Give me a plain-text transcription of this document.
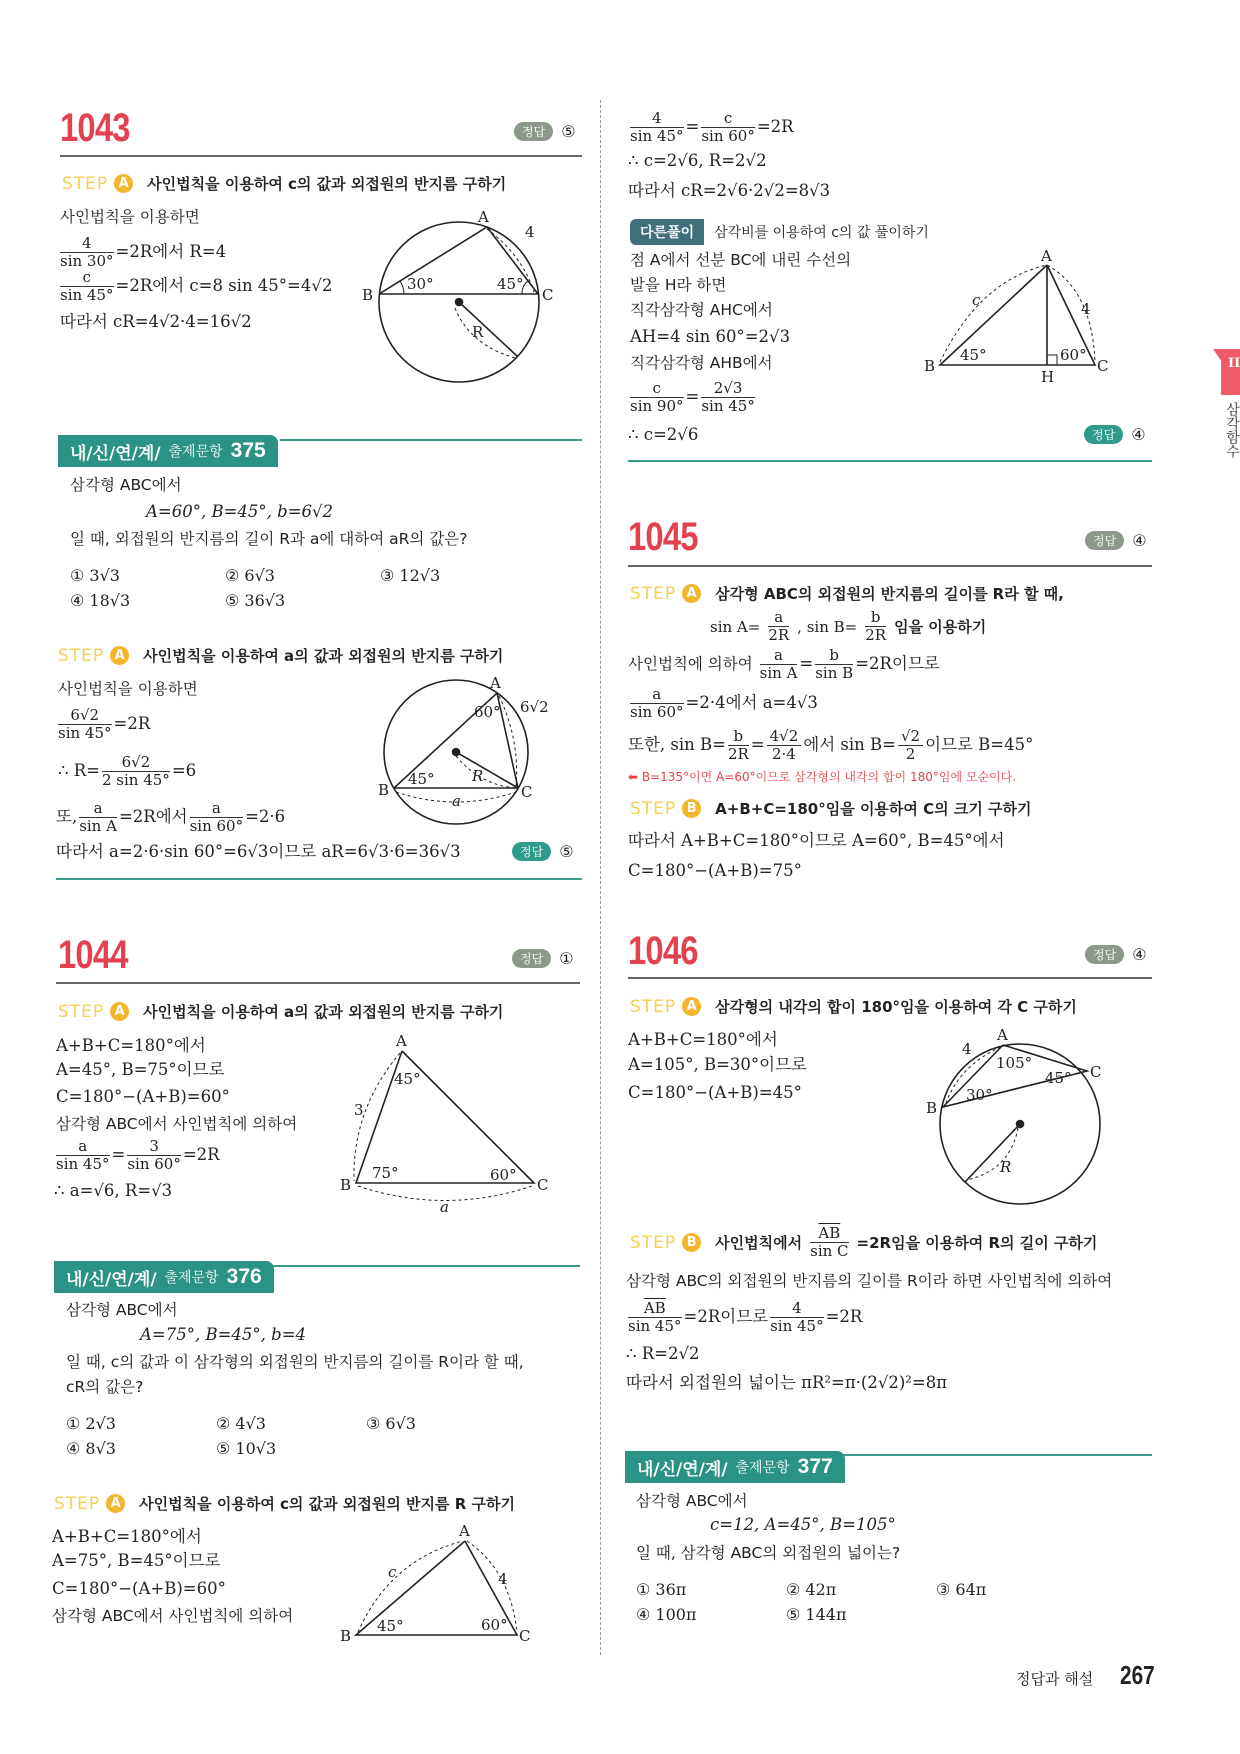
A
B	C
30°	45°
4
R
A
B	C
60°
45°
6√2
R
a
A
B	C
45°
75°	60°
3
a
A
B	C
45°	60°
c	4
A
B	C
H
45°	60°
c	4
A
B
C
105°
45°
30°
4
R
1043	정답	⑤
STEP A 사인법칙을 이용하여 c의 값과 외접원의 반지름 구하기
사인법칙을 이용하면
$\frac{4}{\sin 30^\circ} =2R$에서 R=4
$\frac{c}{\sin 45^\circ} =2R$에서 c=8 sin 45°=4√2
따라서 cR=4√2·4=16√2
내/신/연/계/ 출제문항 375
삼각형 ABC에서
A=60°, B=45°, b=6√2
일 때, 외접원의 반지름의 길이 R과 a에 대하여 aR의 값은?
① 3√3	② 6√3	③ 12√3
④ 18√3	⑤ 36√3
STEP A 사인법칙을 이용하여 a의 값과 외접원의 반지름 구하기
사인법칙을 이용하면
$\frac{6√2}{\sin 45^\circ} =2R$
∴ $R= \frac{6√2}{2 \sin 45^\circ} =6$
또, $\frac{a}{\text{sin A}} =2R$에서 $\frac{a}{\sin 60^\circ} =2\cdot 6$
따라서 a=2·6·sin 60°=6√3이므로 aR=6√3·6=36√3	정답	⑤
1044	정답	①
STEP A 사인법칙을 이용하여 a의 값과 외접원의 반지름 구하기
A+B+C=180°에서
A=45°, B=75°이므로
C=180°−(A+B)=60°
삼각형 ABC에서 사인법칙에 의하여
$\frac{a}{\sin 45^\circ} = \frac{3}{\sin 60^\circ} =2R$
∴ a=√6, R=√3
내/신/연/계/ 출제문항 376
삼각형 ABC에서
A=75°, B=45°, b=4
일 때, c의 값과 이 삼각형의 외접원의 반지름의 길이를 R이라 할 때,
cR의 값은?
① 2√3	② 4√3	③ 6√3
④ 8√3	⑤ 10√3
STEP A 사인법칙을 이용하여 c의 값과 외접원의 반지름 R 구하기
A+B+C=180°에서
A=75°, B=45°이므로
C=180°−(A+B)=60°
삼각형 ABC에서 사인법칙에 의하여
$\frac{4}{\sin 45^\circ} = \frac{c}{\sin 60^\circ} =2R$
∴ c=2√6, R=2√2
따라서 cR=2√6·2√2=8√3
다른풀이	삼각비를 이용하여 c의 값 풀이하기
점 A에서 선분 BC에 내린 수선의
발을 H라 하면
직각삼각형 AHC에서
AH=4 sin 60°=2√3
직각삼각형 AHB에서
$\frac{c}{\sin 90^\circ} = \frac{2√3}{\sin 45^\circ}$
∴ c=2√6	정답	④
1045	정답	④
STEP A 삼각형 ABC의 외접원의 반지름의 길이를 R라 할 때,
$\sin A= \frac{a}{2R}$ , $\sin B= \frac{b}{2R}$ 임을 이용하기
사인법칙에 의하여 $\frac{a}{\text{sin A}} = \frac{b}{\text{sin B}} =2R$이므로
$\frac{a}{\sin 60^\circ} =2\cdot 4$에서 a=4√3
또한, $\sin B= \frac{b}{2R} = \frac{4√2}{2\cdot 4}$ 에서 $\sin B= \frac{√2}{2}$ 이므로 B=45°
⬅ B=135°이면 A=60°이므로 삼각형의 내각의 합이 180°임에 모순이다.
STEP B	A+B+C=180°임을 이용하여 C의 크기 구하기
따라서 A+B+C=180°이므로 A=60°, B=45°에서
C=180°−(A+B)=75°
1046	정답	④
STEP A 삼각형의 내각의 합이 180°임을 이용하여 각 C 구하기
A+B+C=180°에서
A=105°, B=30°이므로
C=180°−(A+B)=45°
STEP B	사인법칙에서 $\frac{\overline{AB}}{\text{sin C}} =2R$임을 이용하여 R의 길이 구하기
삼각형 ABC의 외접원의 반지름의 길이를 R이라 하면 사인법칙에 의하여
$\frac{\overline{AB}}{\sin 45^\circ} =2R$이므로 $\frac{4}{\sin 45^\circ} =2R$
∴ R=2√2
따라서 외접원의 넓이는 πR²=π·(2√2)²=8π
내/신/연/계/ 출제문항 377
삼각형 ABC에서
c=12, A=45°, B=105°
일 때, 삼각형 ABC의 외접원의 넓이는?
① 36π	② 42π	③ 64π
④ 100π	⑤ 144π
정답과 해설 267
II
삼각함수
